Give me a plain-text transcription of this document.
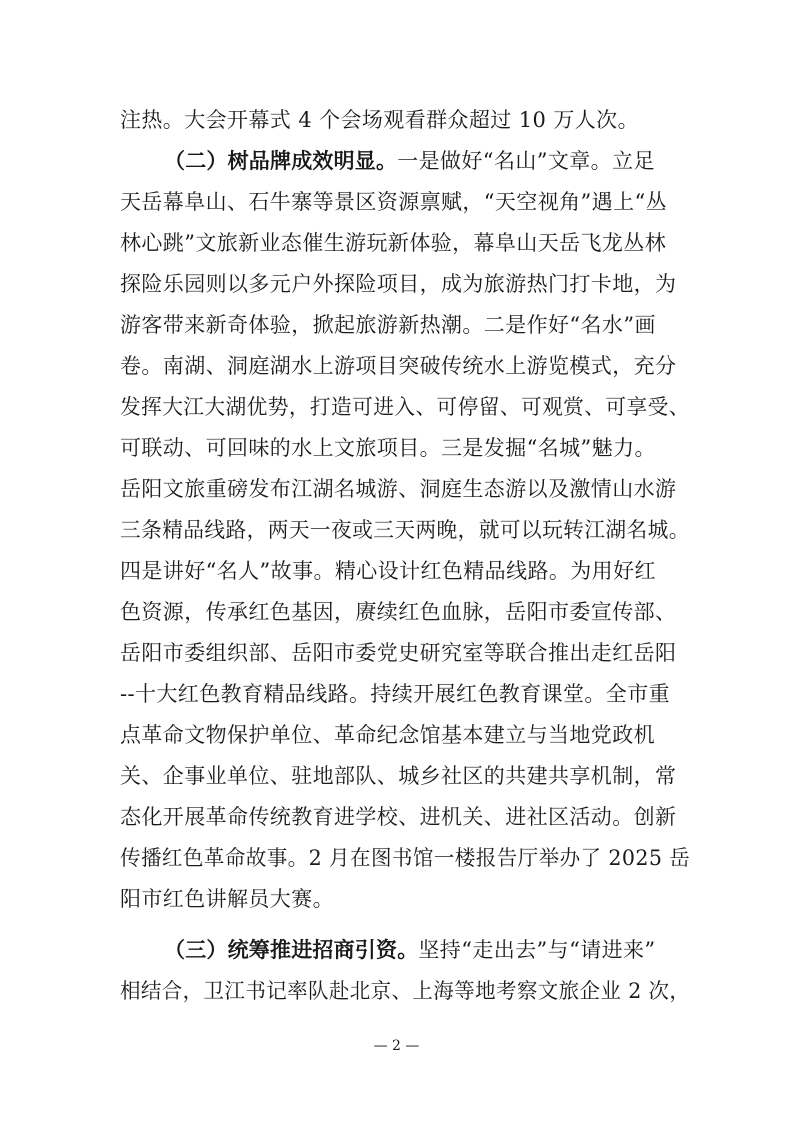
注热。大会开幕式 4 个会场观看群众超过 10 万人次。
（二）树品牌成效明显。一是做好“名山”文章。立足
天岳幕阜山、石牛寨等景区资源禀赋，“天空视角”遇上“丛
林心跳”文旅新业态催生游玩新体验，幕阜山天岳飞龙丛林
探险乐园则以多元户外探险项目，成为旅游热门打卡地，为
游客带来新奇体验，掀起旅游新热潮。二是作好“名水”画
卷。南湖、洞庭湖水上游项目突破传统水上游览模式，充分
发挥大江大湖优势，打造可进入、可停留、可观赏、可享受、
可联动、可回味的水上文旅项目。三是发掘“名城”魅力。
岳阳文旅重磅发布江湖名城游、洞庭生态游以及激情山水游
三条精品线路，两天一夜或三天两晚，就可以玩转江湖名城。
四是讲好“名人”故事。精心设计红色精品线路。为用好红
色资源，传承红色基因，赓续红色血脉，岳阳市委宣传部、
岳阳市委组织部、岳阳市委党史研究室等联合推出走红岳阳
--十大红色教育精品线路。持续开展红色教育课堂。全市重
点革命文物保护单位、革命纪念馆基本建立与当地党政机
关、企事业单位、驻地部队、城乡社区的共建共享机制，常
态化开展革命传统教育进学校、进机关、进社区活动。创新
传播红色革命故事。2 月在图书馆一楼报告厅举办了 2025 岳
阳市红色讲解员大赛。
（三）统筹推进招商引资。坚持“走出去”与“请进来”
相结合，卫江书记率队赴北京、上海等地考察文旅企业 2 次，
— 2 —
